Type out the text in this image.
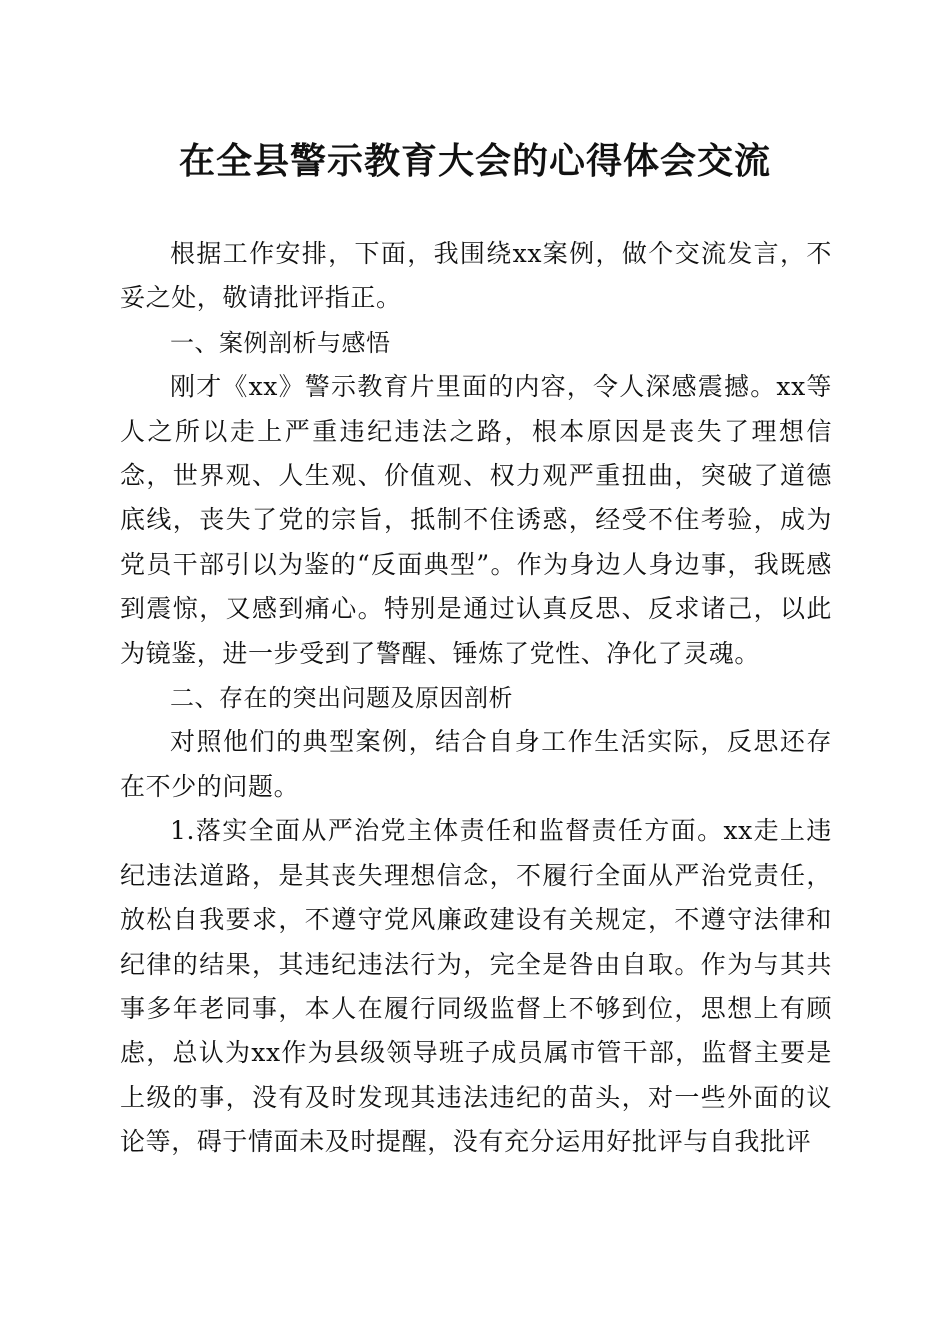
在全县警示教育大会的心得体会交流

根据工作安排，下面，我围绕xx案例，做个交流发言，不妥之处，敬请批评指正。

一、案例剖析与感悟

刚才《xx》警示教育片里面的内容，令人深感震撼。xx等人之所以走上严重违纪违法之路，根本原因是丧失了理想信念，世界观、人生观、价值观、权力观严重扭曲，突破了道德底线，丧失了党的宗旨，抵制不住诱惑，经受不住考验，成为党员干部引以为鉴的“反面典型”。作为身边人身边事，我既感到震惊，又感到痛心。特别是通过认真反思、反求诸己，以此为镜鉴，进一步受到了警醒、锤炼了党性、净化了灵魂。

二、存在的突出问题及原因剖析

对照他们的典型案例，结合自身工作生活实际，反思还存在不少的问题。

1.落实全面从严治党主体责任和监督责任方面。xx走上违纪违法道路，是其丧失理想信念，不履行全面从严治党责任，放松自我要求，不遵守党风廉政建设有关规定，不遵守法律和纪律的结果，其违纪违法行为，完全是咎由自取。作为与其共事多年老同事，本人在履行同级监督上不够到位，思想上有顾虑，总认为xx作为县级领导班子成员属市管干部，监督主要是上级的事，没有及时发现其违法违纪的苗头，对一些外面的议论等，碍于情面未及时提醒，没有充分运用好批评与自我批评
